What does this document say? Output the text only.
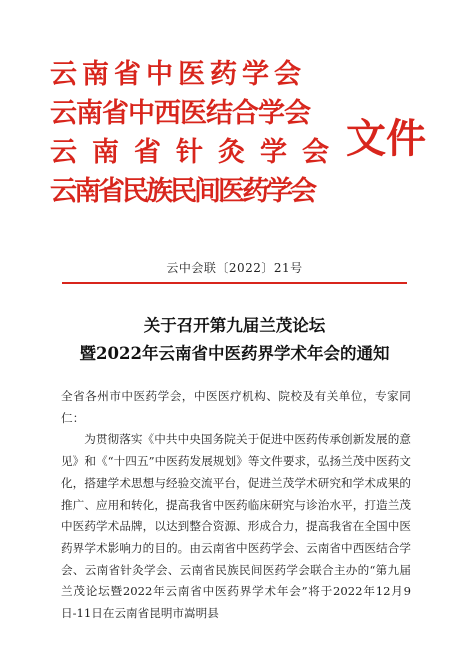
云南省中医药学会
云南省中西医结合学会
云南省针灸学会
云南省民族民间医药学会
文件
云中会联〔2022〕21号
关于召开第九届兰茂论坛
暨2022年云南省中医药界学术年会的通知

全省各州市中医药学会，中医医疗机构、院校及有关单位，专家同仁：

为贯彻落实《中共中央国务院关于促进中医药传承创新发展的意见》和《“十四五”中医药发展规划》等文件要求，弘扬兰茂中医药文化，搭建学术思想与经验交流平台，促进兰茂学术研究和学术成果的推广、应用和转化，提高我省中医药临床研究与诊治水平，打造兰茂中医药学术品牌，以达到整合资源、形成合力，提高我省在全国中医药界学术影响力的目的。由云南省中医药学会、云南省中西医结合学会、云南省针灸学会、云南省民族民间医药学会联合主办的“第九届兰茂论坛暨2022年云南省中医药界学术年会”将于2022年12月9日-11日在云南省昆明市嵩明县
